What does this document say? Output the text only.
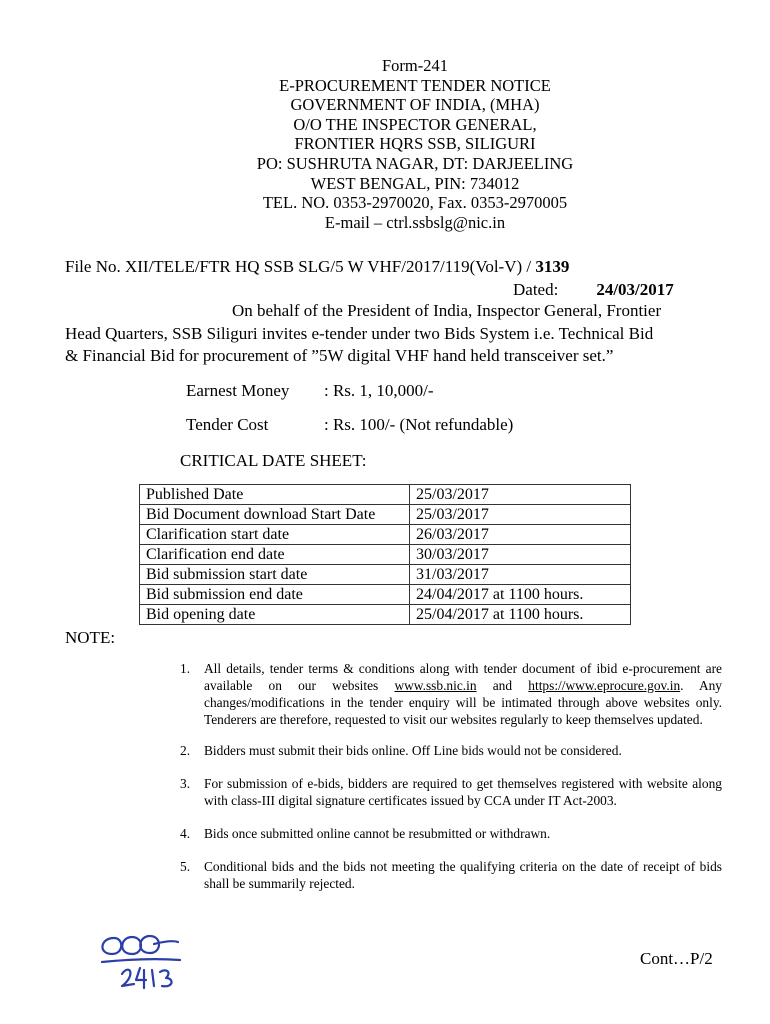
Form-241
E-PROCUREMENT TENDER NOTICE
GOVERNMENT OF INDIA, (MHA)
O/O THE INSPECTOR GENERAL,
FRONTIER HQRS SSB, SILIGURI
PO: SUSHRUTA NAGAR, DT: DARJEELING
WEST BENGAL, PIN: 734012
TEL. NO. 0353-2970020, Fax. 0353-2970005
E-mail – ctrl.ssbslg@nic.in
File No. XII/TELE/FTR HQ SSB SLG/5 W VHF/2017/119(Vol-V) / 3139
Dated: 24/03/2017
On behalf of the President of India, Inspector General, Frontier
Head Quarters, SSB Siliguri invites e-tender under two Bids System i.e. Technical Bid
& Financial Bid for procurement of ”5W digital VHF hand held transceiver set.”
Earnest Money : Rs. 1, 10,000/-
Tender Cost	: Rs. 100/- (Not refundable)
CRITICAL DATE SHEET:
Published Date	25/03/2017
Bid Document download Start Date	25/03/2017
Clarification start date	26/03/2017
Clarification end date	30/03/2017
Bid submission start date	31/03/2017
Bid submission end date	24/04/2017 at 1100 hours.
Bid opening date	25/04/2017 at 1100 hours.
NOTE:
1. All details, tender terms & conditions along with tender document of ibid e-procurement are available on our websites www.ssb.nic.in and https://www.eprocure.gov.in. Any changes/modifications in the tender enquiry will be intimated through above websites only. Tenderers are therefore, requested to visit our websites regularly to keep themselves updated.
2. Bidders must submit their bids online. Off Line bids would not be considered.
3. For submission of e-bids, bidders are required to get themselves registered with website along with class-III digital signature certificates issued by CCA under IT Act-2003.
4. Bids once submitted online cannot be resubmitted or withdrawn.
5. Conditional bids and the bids not meeting the qualifying criteria on the date of receipt of bids shall be summarily rejected.
Cont…P/2
